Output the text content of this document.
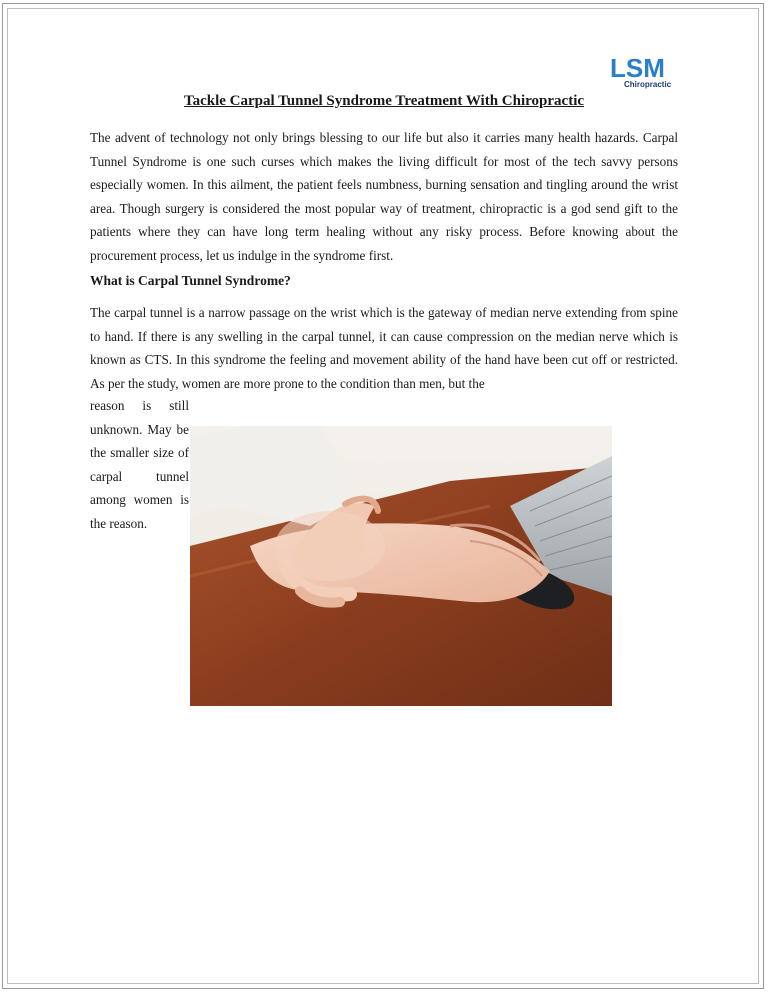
LSM
Chiropractic
Tackle Carpal Tunnel Syndrome Treatment With Chiropractic

The advent of technology not only brings blessing to our life but also it carries many health hazards. Carpal Tunnel Syndrome is one such curses which makes the living difficult for most of the tech savvy persons especially women. In this ailment, the patient feels numbness, burning sensation and tingling around the wrist area. Though surgery is considered the most popular way of treatment, chiropractic is a god send gift to the patients where they can have long term healing without any risky process. Before knowing about the procurement process, let us indulge in the syndrome first.

What is Carpal Tunnel Syndrome?

The carpal tunnel is a narrow passage on the wrist which is the gateway of median nerve extending from spine to hand. If there is any swelling in the carpal tunnel, it can cause compression on the median nerve which is known as CTS. In this syndrome the feeling and movement ability of the hand have been cut off or restricted. As per the study, women are more prone to the condition than men, but the

reason is still unknown. May be the smaller size of carpal tunnel among women is the reason.
